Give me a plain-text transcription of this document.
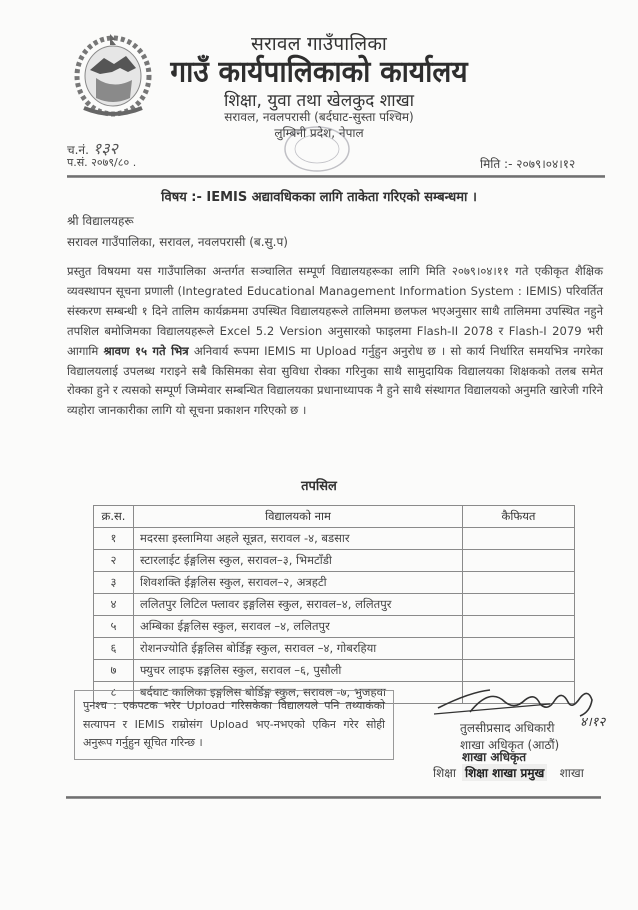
सरावल गाउँपालिका
गाउँ कार्यपालिकाको कार्यालय
शिक्षा, युवा तथा खेलकुद शाखा
सरावल, नवलपरासी (बर्दघाट-सुस्ता पश्चिम)
लुम्बिनी प्रदेश, नेपाल
च.नं. १३२
प.सं. २०७९/८० .	मिति :- २०७९।०४।१२
विषय :- IEMIS अद्यावधिकका लागि ताकेता गरिएको सम्बन्धमा ।
श्री विद्यालयहरू
सरावल गाउँपालिका, सरावल, नवलपरासी (ब.सु.प)
प्रस्तुत विषयमा यस गाउँपालिका अन्तर्गत सञ्चालित सम्पूर्ण विद्यालयहरूका लागि मिति २०७९।०४।११ गते एकीकृत शैक्षिक व्यवस्थापन सूचना प्रणाली (Integrated Educational Management Information System : IEMIS) परिवर्तित संस्करण सम्बन्धी १ दिने तालिम कार्यक्रममा उपस्थित विद्यालयहरूले तालिममा छलफल भएअनुसार साथै तालिममा उपस्थित नहुने तपशिल बमोजिमका विद्यालयहरूले Excel 5.2 Version अनुसारको फाइलमा Flash-II 2078 र Flash-I 2079 भरी आगामि श्रावण १५ गते भित्र अनिवार्य रूपमा IEMIS मा Upload गर्नुहुन अनुरोध छ । सो कार्य निर्धारित समयभित्र नगरेका विद्यालयलाई उपलब्ध गराइने सबै किसिमका सेवा सुविधा रोक्का गरिनुका साथै सामुदायिक विद्यालयका शिक्षकको तलब समेत रोक्का हुने र त्यसको सम्पूर्ण जिम्मेवार सम्बन्धित विद्यालयका प्रधानाध्यापक नै हुने साथै संस्थागत विद्यालयको अनुमति खारेजी गरिने व्यहोरा जानकारीका लागि यो सूचना प्रकाशन गरिएको छ ।
तपसिल
क्र.स.	विद्यालयको नाम	कैफियत
१	मदरसा इस्लामिया अहले सून्नत, सरावल -४, बडसार	
२	स्टारलाईट ईङ्गलिस स्कुल, सरावल–३, भिमटाँडी	
३	शिवशक्ति ईङ्गलिस स्कुल, सरावल–२, अत्रहटी	
४	ललितपुर लिटिल फ्लावर इङ्गलिस स्कुल, सरावल–४, ललितपुर	
५	अम्बिका ईङ्गलिस स्कुल, सरावल –४, ललितपुर	
६	रोशनज्योति ईङ्गलिस बोर्डिङ्ग स्कुल, सरावल –४, गोबरहिया	
७	फ्युचर लाइफ इङ्गलिस स्कुल, सरावल –६, पुसौली	
८	बर्दघाट कालिका इङ्गलिस बोर्डिङ्ग स्कुल, सरावल -७, भुजहवा	
पुनश्च : एकपटक भरेर Upload गरिसकेका विद्यालयले पनि तथ्याकंको सत्यापन र IEMIS राम्रोसंग Upload भए-नभएको एकिन गरेर सोही अनुरूप गर्नुहुन सूचित गरिन्छ ।
४।१२
तुलसीप्रसाद अधिकारी
शाखा अधिकृत (आठौं)
शाखा अधिकृत
शिक्षा	शाखा
शिक्षा शाखा प्रमुख
